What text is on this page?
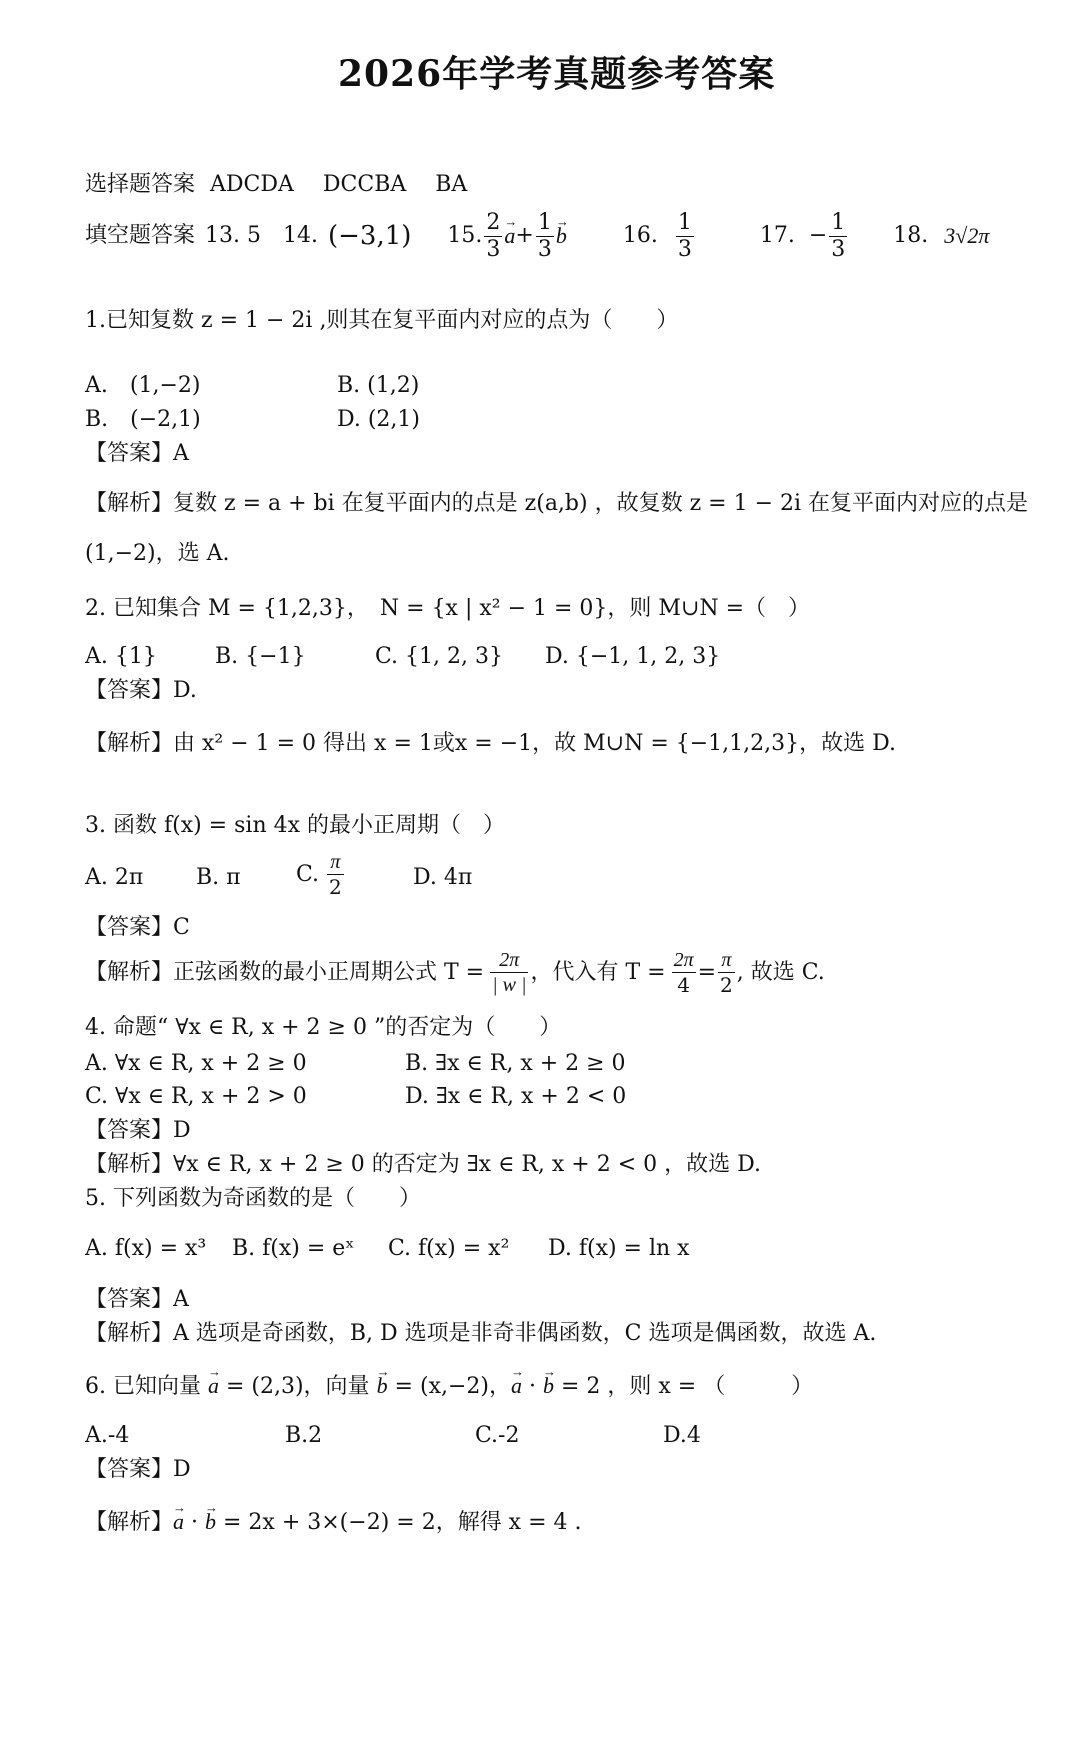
2026年学考真题参考答案
选择题答案 ADCDA DCCBA BA
填空题答案 13. 5 14. (−3,1) 15. $\frac{2}{3}$
→ $a + \frac{1}{3}$
→ b	16. $\frac{1}{3}$	17. − $\frac{1}{3} 18$. 3√2π
1.已知复数 z = 1 − 2i ,则其在复平面内对应的点为（　　）
A.　(1,−2)	B. (1,2)
B.　(−2,1)	D. (2,1)
【答案】A
【解析】复数 z = a + bi 在复平面内的点是 z(a,b) ，故复数 z = 1 − 2i 在复平面内对应的点是
(1,−2)，选 A.
2. 已知集合 M = {1,2,3}，　N = {x | x² − 1 = 0}，则 M∪N =（　）
A. {1}	B. {−1}	C. {1, 2, 3} D. {−1, 1, 2, 3}
【答案】D.
【解析】由 x² − 1 = 0 得出 x = 1或x = −1，故 M∪N = {−1,1,2,3}，故选 D.
3. 函数 f(x) = sin 4x 的最小正周期（　）
A. 2π B. π	C. $\frac{\pi}{2}$	D. 4π
【答案】C
【解析】正弦函数的最小正周期公式 $T = \frac{2\pi}{| w |}$ ，代入有 $T = \frac{2\pi}{4} = \frac{\pi}{2}$ , 故选 C.
4. 命题“ ∀x ∈ R, x + 2 ≥ 0 ”的否定为（　　）
A. ∀x ∈ R, x + 2 ≥ 0	B. ∃x ∈ R, x + 2 ≥ 0
C. ∀x ∈ R, x + 2 > 0	D. ∃x ∈ R, x + 2 < 0
【答案】D
【解析】∀x ∈ R, x + 2 ≥ 0 的否定为 ∃x ∈ R, x + 2 < 0 ，故选 D.
5. 下列函数为奇函数的是（　　）
A. f(x) = x³ B. f(x) = eˣ C. f(x) = x² D. f(x) = ln x
【答案】A
【解析】A 选项是奇函数，B, D 选项是非奇非偶函数，C 选项是偶函数，故选 A.
6. 已知向量 → a = (2,3)，向量 → b = (x,−2)，→ a · → b = 2 ，则 x = （　　　）
A.-4	B.2	C.-2	D.4
【答案】D
【解析】→ a · → b = 2x + 3×(−2) = 2，解得 x = 4 .
